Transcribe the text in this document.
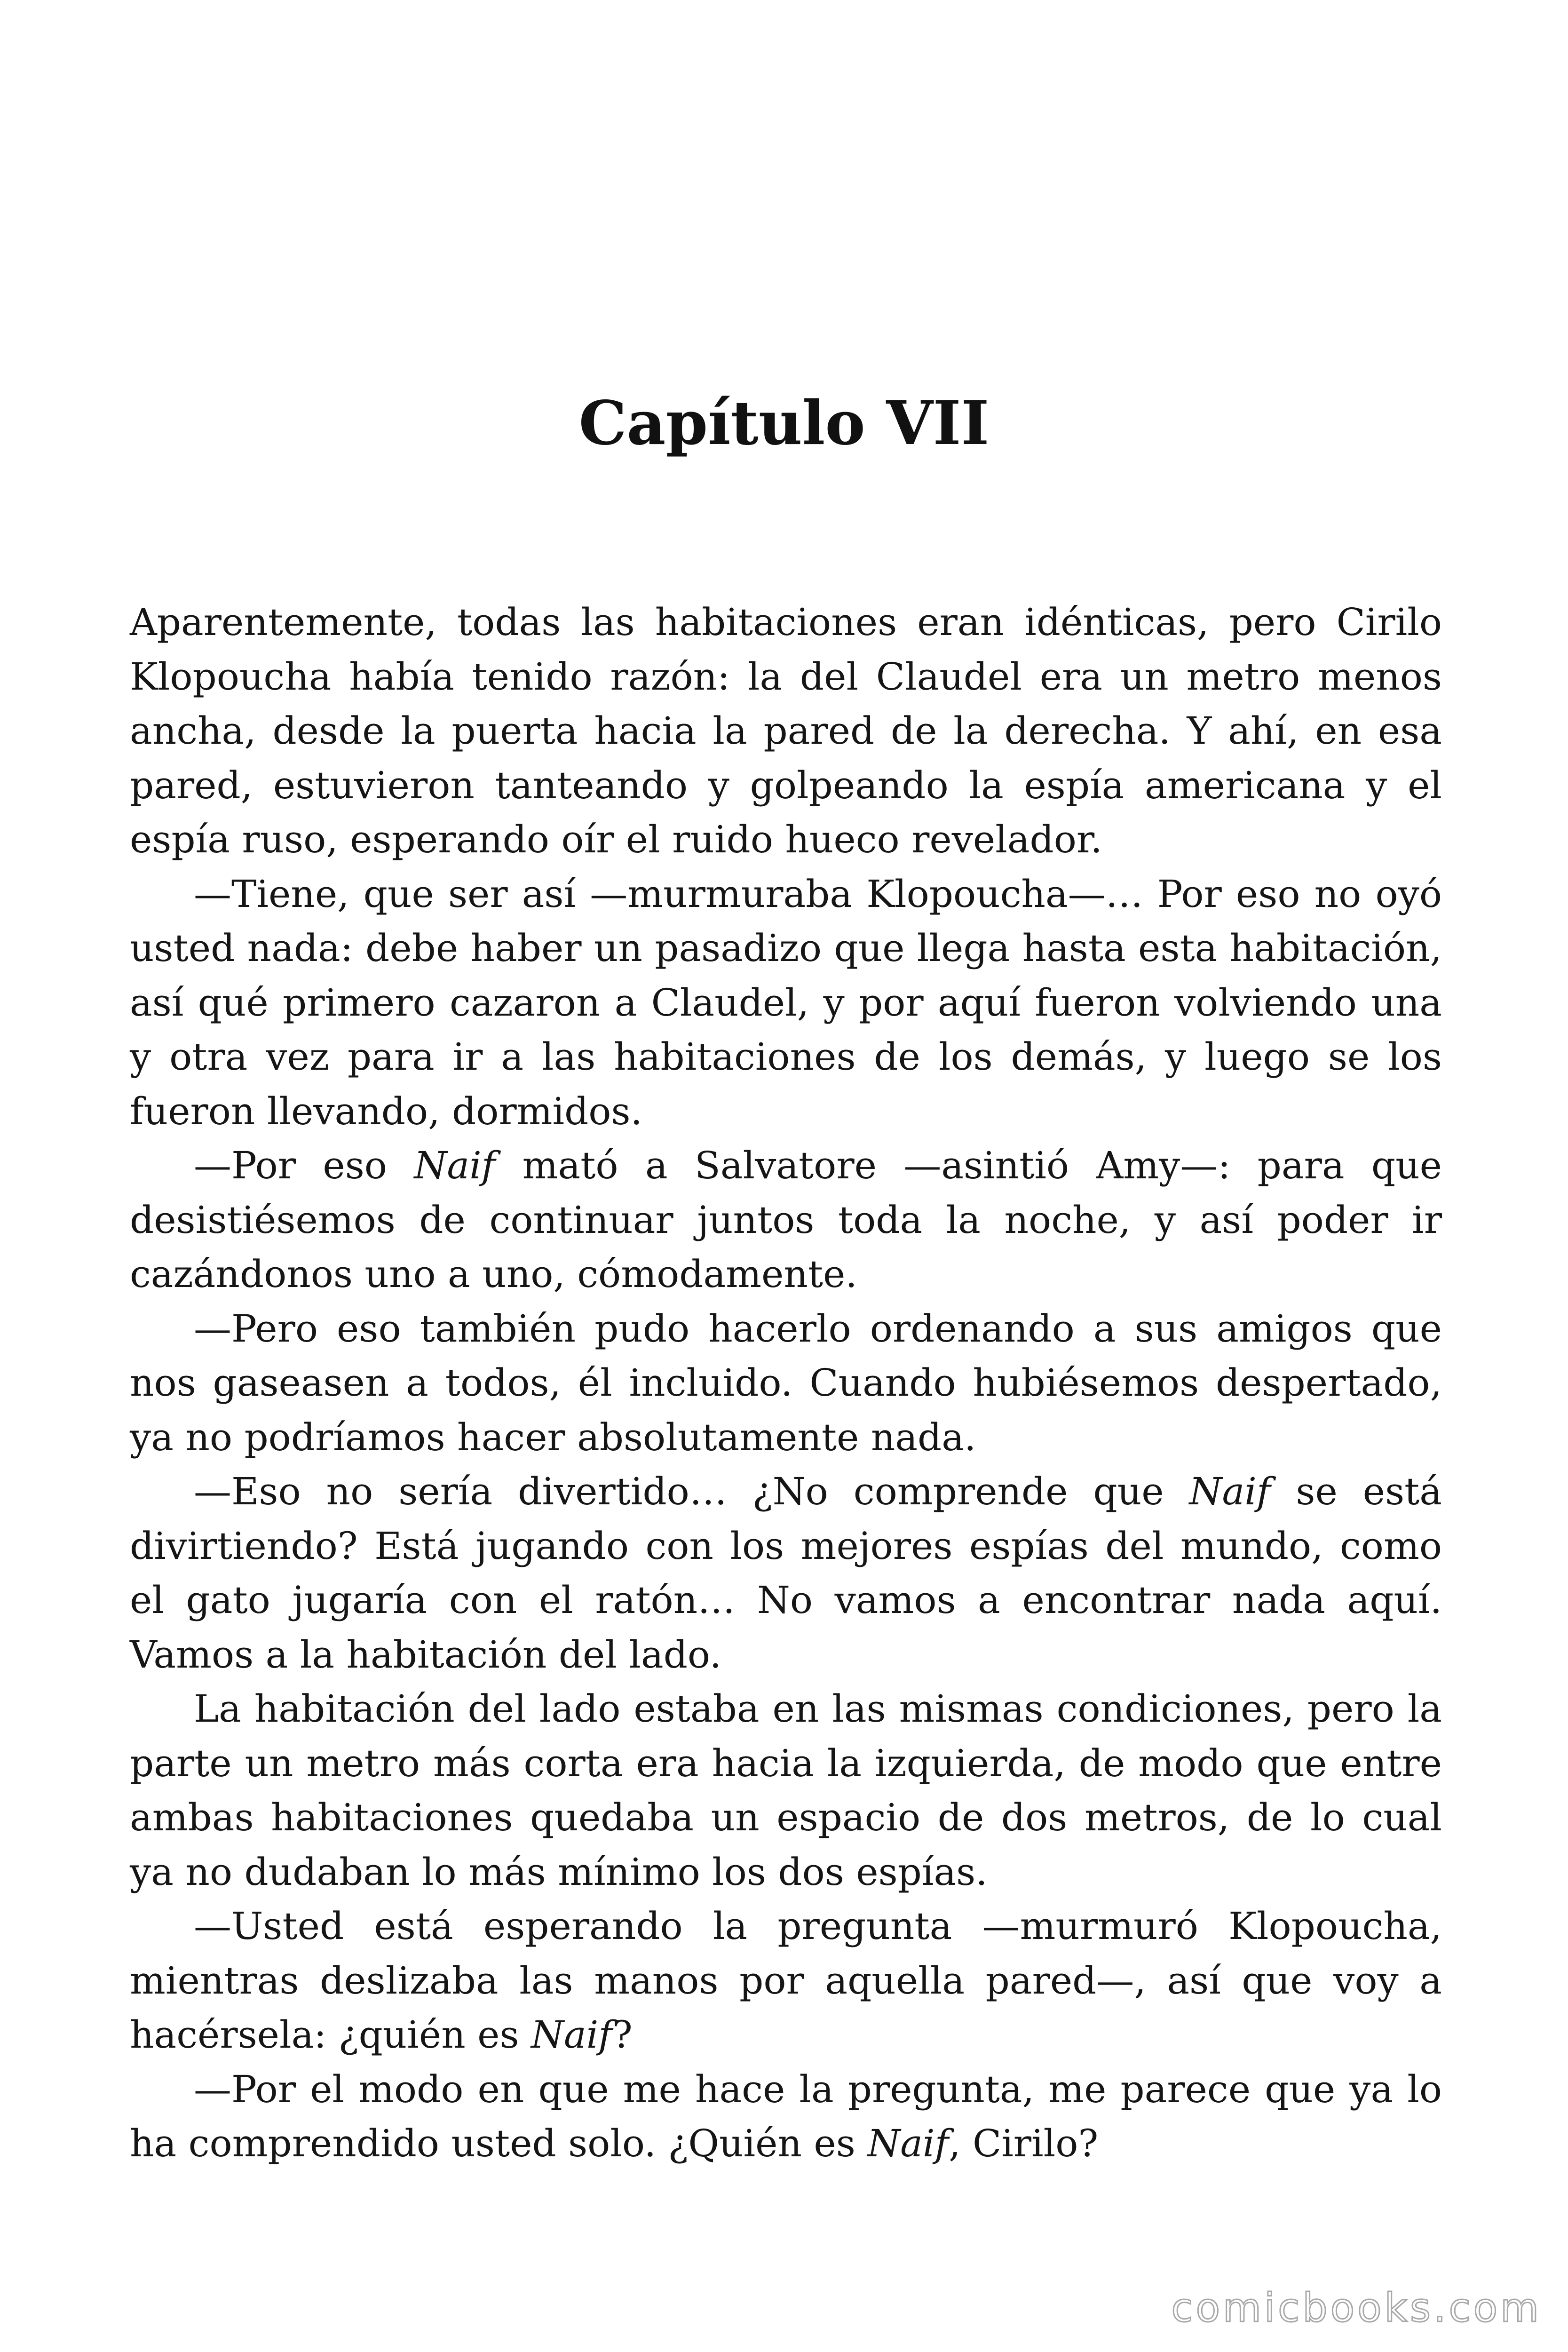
Capítulo VII

Aparentemente, todas las habitaciones eran idénticas, pero Cirilo Klopoucha había tenido razón: la del Claudel era un metro menos ancha, desde la puerta hacia la pared de la derecha. Y ahí, en esa pared, estuvieron tanteando y golpeando la espía americana y el espía ruso, esperando oír el ruido hueco revelador.

—Tiene, que ser así —murmuraba Klopoucha—… Por eso no oyó usted nada: debe haber un pasadizo que llega hasta esta habitación, así qué primero cazaron a Claudel, y por aquí fueron volviendo una y otra vez para ir a las habitaciones de los demás, y luego se los fueron llevando, dormidos.

—Por eso Naif mató a Salvatore —asintió Amy—: para que desistiésemos de continuar juntos toda la noche, y así poder ir cazándonos uno a uno, cómodamente.

—Pero eso también pudo hacerlo ordenando a sus amigos que nos gaseasen a todos, él incluido. Cuando hubiésemos despertado, ya no podríamos hacer absolutamente nada.

—Eso no sería divertido… ¿No comprende que Naif se está divirtiendo? Está jugando con los mejores espías del mundo, como el gato jugaría con el ratón… No vamos a encontrar nada aquí. Vamos a la habitación del lado.

La habitación del lado estaba en las mismas condiciones, pero la parte un metro más corta era hacia la izquierda, de modo que entre ambas habitaciones quedaba un espacio de dos metros, de lo cual ya no dudaban lo más mínimo los dos espías.

—Usted está esperando la pregunta —murmuró Klopoucha, mientras deslizaba las manos por aquella pared—, así que voy a hacérsela: ¿quién es Naif?

—Por el modo en que me hace la pregunta, me parece que ya lo ha comprendido usted solo. ¿Quién es Naif, Cirilo?

comicbooks.com
